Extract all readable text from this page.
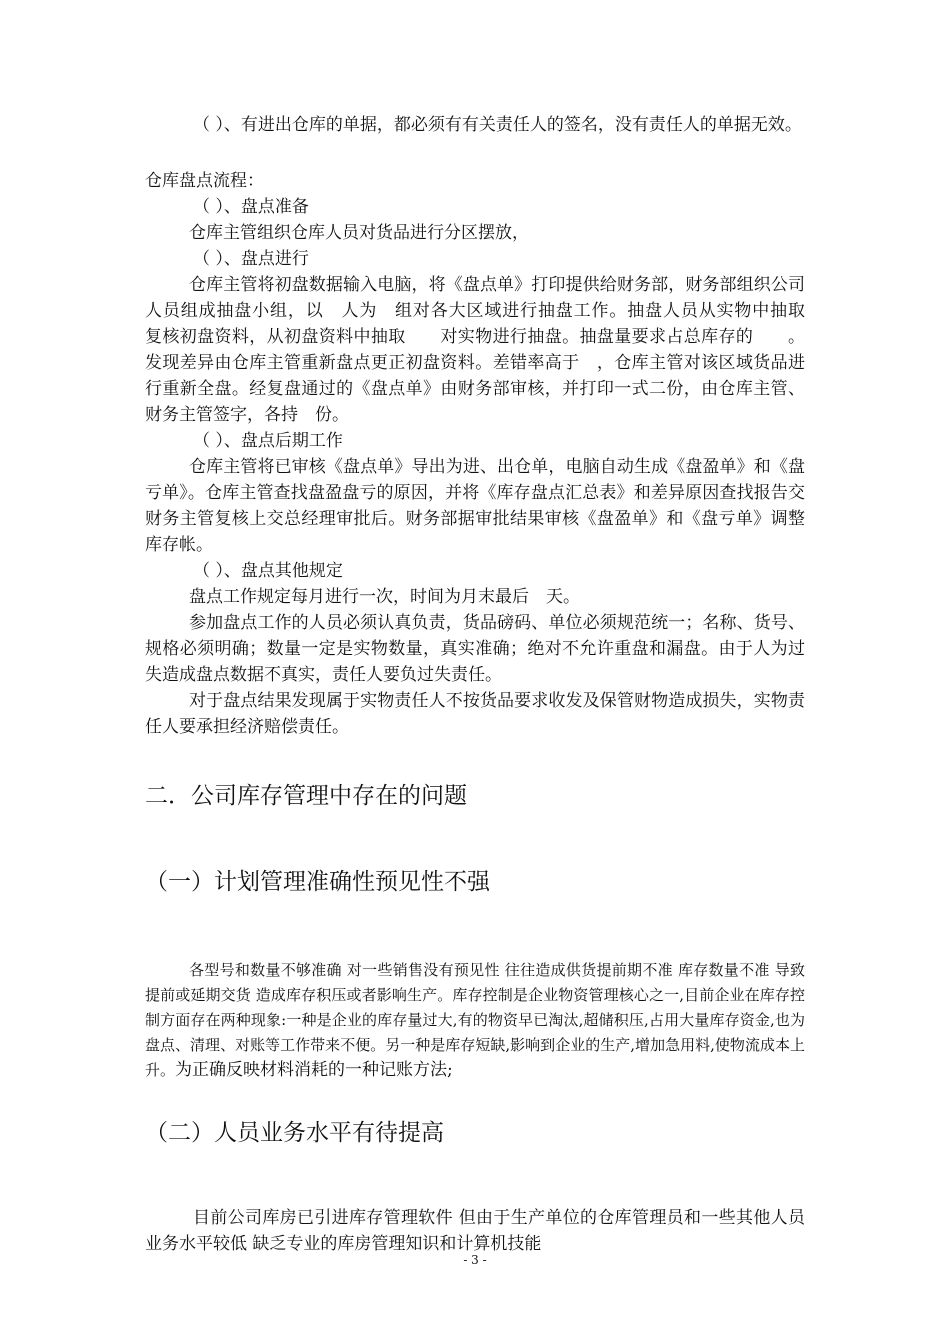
（ ）、有进出仓库的单据，都必须有有关责任人的签名，没有责任人的单据无效。

仓库盘点流程：

（ ）、盘点准备

仓库主管组织仓库人员对货品进行分区摆放，

（ ）、盘点进行

仓库主管将初盘数据输入电脑，将《盘点单》打印提供给财务部，财务部组织公司人员组成抽盘小组，以　人为　组对各大区域进行抽盘工作。抽盘人员从实物中抽取　　复核初盘资料，从初盘资料中抽取　　对实物进行抽盘。抽盘量要求占总库存的　　。发现差异由仓库主管重新盘点更正初盘资料。差错率高于　，仓库主管对该区域货品进行重新全盘。经复盘通过的《盘点单》由财务部审核，并打印一式二份，由仓库主管、财务主管签字，各持　份。

（ ）、盘点后期工作

仓库主管将已审核《盘点单》导出为进、出仓单，电脑自动生成《盘盈单》和《盘亏单》。仓库主管查找盘盈盘亏的原因，并将《库存盘点汇总表》和差异原因查找报告交财务主管复核上交总经理审批后。财务部据审批结果审核《盘盈单》和《盘亏单》调整库存帐。

（ ）、盘点其他规定

盘点工作规定每月进行一次，时间为月末最后　天。

参加盘点工作的人员必须认真负责，货品磅码、单位必须规范统一；名称、货号、规格必须明确；数量一定是实物数量，真实准确；绝对不允许重盘和漏盘。由于人为过失造成盘点数据不真实，责任人要负过失责任。

对于盘点结果发现属于实物责任人不按货品要求收发及保管财物造成损失，实物责任人要承担经济赔偿责任。

二．公司库存管理中存在的问题
（一）计划管理准确性预见性不强

各型号和数量不够准确 对一些销售没有预见性 往往造成供货提前期不准 库存数量不准 导致提前或延期交货 造成库存积压或者影响生产。库存控制是企业物资管理核心之一,目前企业在库存控制方面存在两种现象:一种是企业的库存量过大,有的物资早已淘汰,超储积压,占用大量库存资金,也为盘点、清理、对账等工作带来不便。另一种是库存短缺,影响到企业的生产,增加急用料,使物流成本上升。为正确反映材料消耗的一种记账方法;

（二）人员业务水平有待提高

目前公司库房已引进库存管理软件 但由于生产单位的仓库管理员和一些其他人员业务水平较低 缺乏专业的库房管理知识和计算机技能

- 3 -
